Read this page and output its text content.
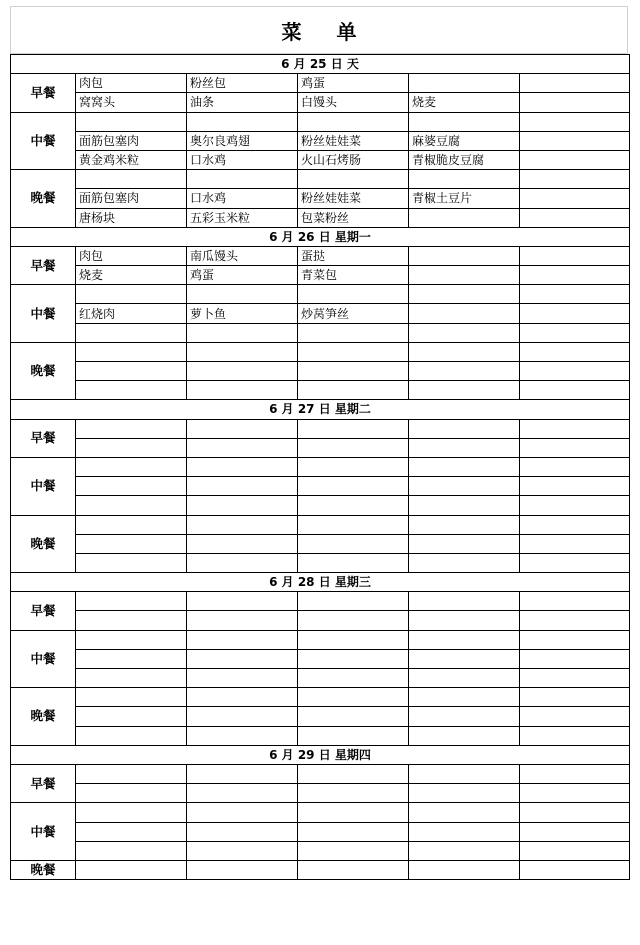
菜 单
6 月 25 日 天					
早餐	肉包	粉丝包	鸡蛋		
	窝窝头	油条	白馒头	烧麦	
中餐					
	面筋包塞肉	奥尔良鸡翅	粉丝娃娃菜	麻婆豆腐	
	黄金鸡米粒	口水鸡	火山石烤肠	青椒脆皮豆腐	
晚餐					
	面筋包塞肉	口水鸡	粉丝娃娃菜	青椒土豆片	
	唐杨块	五彩玉米粒	包菜粉丝		
6 月 26 日 星期一					
早餐	肉包	南瓜馒头	蛋挞		
	烧麦	鸡蛋	青菜包		
中餐					
	红烧肉	萝卜鱼	炒莴笋丝		

晚餐					

6 月 27 日 星期二					
早餐					

中餐					

晚餐					

6 月 28 日 星期三					
早餐					

中餐					

晚餐					

6 月 29 日 星期四					
早餐					

中餐					

晚餐					
